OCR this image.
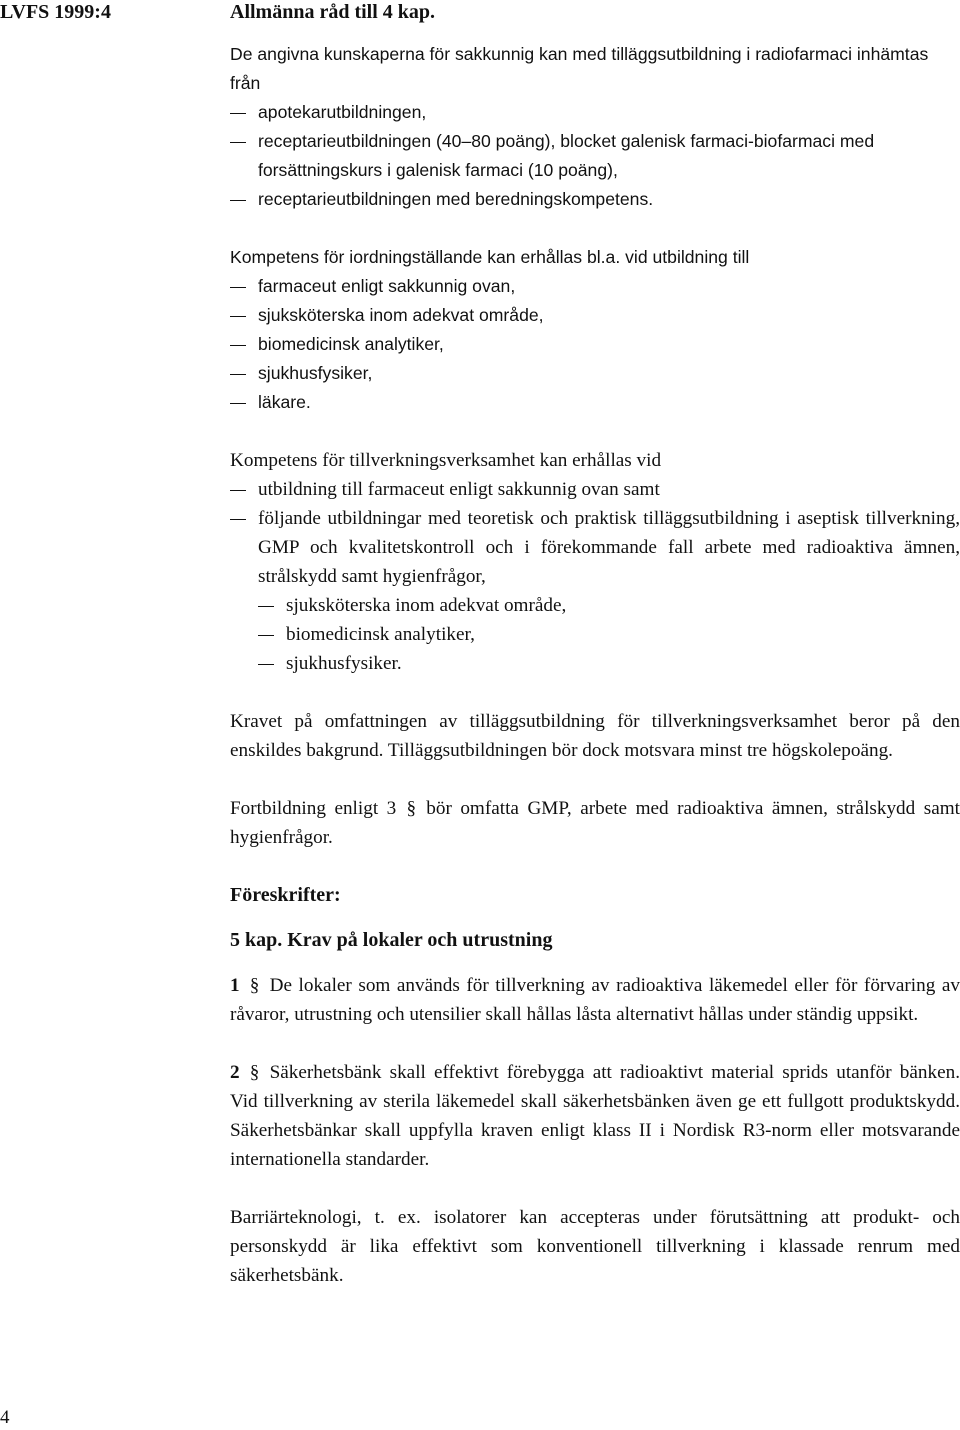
LVFS 1999:4	Allmänna råd till 4 kap.

De angivna kunskaperna för sakkunnig kan med tilläggsutbildning i radiofarmaci inhämtas från

apotekarutbildningen,
receptarieutbildningen (40–80 poäng), blocket galenisk farmaci-biofarmaci med forsättningskurs i galenisk farmaci (10 poäng),
receptarieutbildningen med beredningskompetens.

Kompetens för iordningställande kan erhållas bl.a. vid utbildning till

farmaceut enligt sakkunnig ovan,
sjuksköterska inom adekvat område,
biomedicinsk analytiker,
sjukhusfysiker,
läkare.

Kompetens för tillverkningsverksamhet kan erhållas vid

utbildning till farmaceut enligt sakkunnig ovan samt
följande utbildningar med teoretisk och praktisk tilläggsutbildning i aseptisk tillverkning, GMP och kvalitetskontroll och i förekommande fall arbete med radioaktiva ämnen, strålskydd samt hygienfrågor,
sjuksköterska inom adekvat område,
biomedicinsk analytiker,
sjukhusfysiker.

Kravet på omfattningen av tilläggsutbildning för tillverkningsverksamhet beror på den enskildes bakgrund. Tilläggsutbildningen bör dock motsvara minst tre högskolepoäng.

Fortbildning enligt 3 § bör omfatta GMP, arbete med radioaktiva ämnen, strålskydd samt hygienfrågor.

Föreskrifter:

5 kap. Krav på lokaler och utrustning

1 § De lokaler som används för tillverkning av radioaktiva läkemedel eller för förvaring av råvaror, utrustning och utensilier skall hållas låsta alternativt hållas under ständig uppsikt.

2 § Säkerhetsbänk skall effektivt förebygga att radioaktivt material sprids utanför bänken. Vid tillverkning av sterila läkemedel skall säkerhetsbänken även ge ett fullgott produktskydd. Säkerhetsbänkar skall uppfylla kraven enligt klass II i Nordisk R3-norm eller motsvarande internationella standarder.

Barriärteknologi, t. ex. isolatorer kan accepteras under förutsättning att produkt- och personskydd är lika effektivt som konventionell tillverkning i klassade renrum med säkerhetsbänk.

4
